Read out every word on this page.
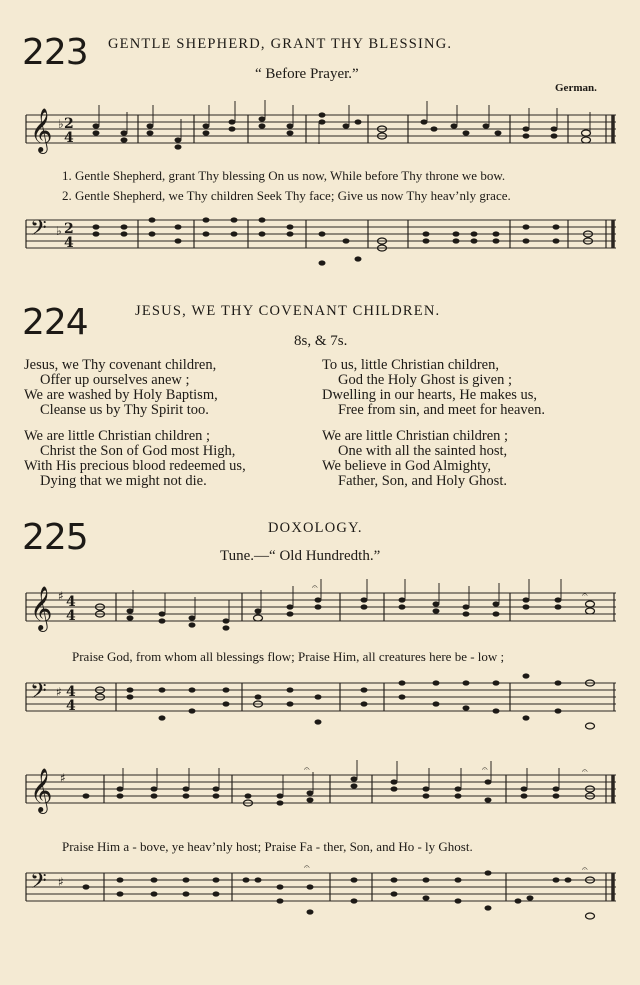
223 GENTLE SHEPHERD, GRANT THY BLESSING.
“ Before Prayer.”
German.
𝄞 ♭ 2
4
1. Gentle Shepherd, grant Thy blessing On us now, While before Thy throne we bow.
2. Gentle Shepherd, we Thy children Seek Thy face; Give us now Thy heav’nly grace.
𝄢 ♭ 2
4
224	JESUS, WE THY COVENANT CHILDREN.
8s, & 7s.
Jesus, we Thy covenant children,
Offer up ourselves anew ;
We are washed by Holy Baptism,
Cleanse us by Thy Spirit too.
We are little Christian children ;
Christ the Son of God most High,
With His precious blood redeemed us,
Dying that we might not die.
To us, little Christian children,
God the Holy Ghost is given ;
Dwelling in our hearts, He makes us,
Free from sin, and meet for heaven.
We are little Christian children ;
One with all the sainted host,
We believe in God Almighty,
Father, Son, and Holy Ghost.
225	DOXOLOGY.
Tune.—“ Old Hundredth.”
𝄞 ♯ 4
4
𝄐
𝄐
Praise God, from whom all blessings flow; Praise Him, all creatures here be - low ;
𝄢 ♯ 4
4
𝄞 ♯
𝄐	𝄐	𝄐
Praise Him a - bove, ye heav’nly host; Praise Fa - ther, Son, and Ho - ly Ghost.
𝄢 ♯
𝄐	𝄐
